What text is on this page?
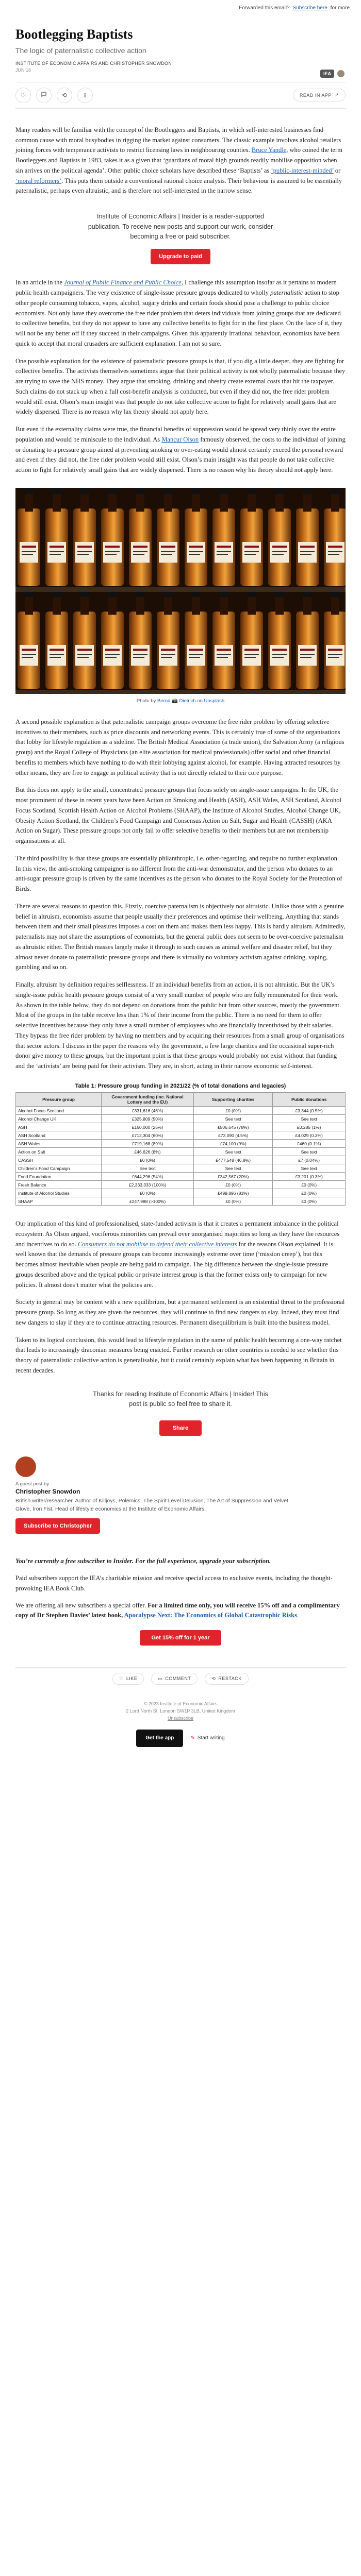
Forwarded this email? Subscribe here for more
Bootlegging Baptists
The logic of paternalistic collective action
INSTITUTE OF ECONOMIC AFFAIRS AND CHRISTOPHER SNOWDON
JUN 16
IEA
♡	⟲ ⇪	READ IN APP ↗

Many readers will be familiar with the concept of the Bootleggers and Baptists, in which self-interested businesses find common cause with moral busybodies in rigging the market against consumers. The classic example involves alcohol retailers joining forces with temperance activists to restrict licensing laws in neighbouring counties. Bruce Yandle, who coined the term Bootleggers and Baptists in 1983, takes it as a given that ‘guardians of moral high grounds readily mobilise opposition when sin arrives on the political agenda’. Other public choice scholars have described these ‘Baptists’ as ‘public-interest-minded’ or ‘moral reformers’. This puts them outside a conventional rational choice analysis. Their behaviour is assumed to be essentially paternalistic, perhaps even altruistic, and is therefore not self-interested in the narrow sense.

Institute of Economic Affairs | Insider is a reader-supported publication. To receive new posts and support our work, consider becoming a free or paid subscriber.
Upgrade to paid

In an article in the Journal of Public Finance and Public Choice, I challenge this assumption insofar as it pertains to modern public health campaigners. The very existence of single-issue pressure groups dedicated to wholly paternalistic action to stop other people consuming tobacco, vapes, alcohol, sugary drinks and certain foods should pose a challenge to public choice economists. Not only have they overcome the free rider problem that deters individuals from joining groups that are dedicated to collective benefits, but they do not appear to have any collective benefits to fight for in the first place. On the face of it, they will not be any better off if they succeed in their campaigns. Given this apparently irrational behaviour, economists have been quick to accept that moral crusaders are sufficient explanation. I am not so sure.

One possible explanation for the existence of paternalistic pressure groups is that, if you dig a little deeper, they are fighting for collective benefits. The activists themselves sometimes argue that their political activity is not wholly paternalistic because they are trying to save the NHS money. They argue that smoking, drinking and obesity create external costs that hit the taxpayer. Such claims do not stack up when a full cost-benefit analysis is conducted, but even if they did not, the free rider problem would still exist. Olson’s main insight was that people do not take collective action to fight for relatively small gains that are widely dispersed. There is no reason why lax theory should not apply here.

But even if the externality claims were true, the financial benefits of suppression would be spread very thinly over the entire population and would be miniscule to the individual. As Mancur Olson famously observed, the costs to the individual of joining or donating to a pressure group aimed at preventing smoking or over-eating would almost certainly exceed the personal reward and even if they did not, the free rider problem would still exist. Olson’s main insight was that people do not take collective action to fight for relatively small gains that are widely dispersed. There is no reason why his theory should not apply here.

Photo by Bernd 📸 Dietrich on Unsplash

A second possible explanation is that paternalistic campaign groups overcome the free rider problem by offering selective incentives to their members, such as price discounts and networking events. This is certainly true of some of the organisations that lobby for lifestyle regulation as a sideline. The British Medical Association (a trade union), the Salvation Army (a religious group) and the Royal College of Physicians (an elite association for medical professionals) offer social and other financial benefits to members which have nothing to do with their lobbying against alcohol, for example. Having attracted resources by other means, they are free to engage in political activity that is not directly related to their core purpose.

But this does not apply to the small, concentrated pressure groups that focus solely on single-issue campaigns. In the UK, the most prominent of these in recent years have been Action on Smoking and Health (ASH), ASH Wales, ASH Scotland, Alcohol Focus Scotland, Scottish Health Action on Alcohol Problems (SHAAP), the Institute of Alcohol Studies, Alcohol Change UK, Obesity Action Scotland, the Children’s Food Campaign and Consensus Action on Salt, Sugar and Health (CASSH) (AKA Action on Sugar). These pressure groups not only fail to offer selective benefits to their members but are not membership organisations at all.

The third possibility is that these groups are essentially philanthropic, i.e. other-regarding, and require no further explanation. In this view, the anti-smoking campaigner is no different from the anti-war demonstrator, and the person who donates to an anti-sugar pressure group is driven by the same incentives as the person who donates to the Royal Society for the Protection of Birds.

There are several reasons to question this. Firstly, coercive paternalism is objectively not altruistic. Unlike those with a genuine belief in altruism, economists assume that people usually their preferences and optimise their wellbeing. Anything that stands between them and their small pleasures imposes a cost on them and makes them less happy. This is hardly altruism. Admittedly, paternalists may not share the assumptions of economists, but the general public does not seem to be over-coercive paternalism as altruistic either. The British masses largely make it through to such causes as animal welfare and disaster relief, but they almost never donate to paternalistic pressure groups and there is virtually no voluntary activism against drinking, vaping, gambling and so on.

Finally, altruism by definition requires selflessness. If an individual benefits from an action, it is not altruistic. But the UK’s single-issue public health pressure groups consist of a very small number of people who are fully remunerated for their work. As shown in the table below, they do not depend on donations from the public but from other sources, mostly the government. Most of the groups in the table receive less than 1% of their income from the public. There is no need for them to offer selective incentives because they only have a small number of employees who are financially incentivised by their salaries. They bypass the free rider problem by having no members and by acquiring their resources from a small group of organisations that sector actors. I discuss in the paper the reasons why the government, a few large charities and the occasional super-rich donor give money to these groups, but the important point is that these groups would probably not exist without that funding and the ‘activists’ are being paid for their activism. They are, in short, acting in their narrow economic self-interest.

Table 1: Pressure group funding in 2021/22 (% of total donations and legacies)
Pressure group	Government funding (inc. National Lottery and the EU)	Supporting charities	Public donations
Alcohol Focus Scotland	£331,616 (46%)	£0 (0%)	£3,344 (0.5%)
Alcohol Change UK	£325,809 (50%)	See text	See text
ASH	£160,000 (25%)	£506,645 (78%)	£0,285 (1%)
ASH Scotland	£712,304 (60%)	£73,090 (4.5%)	£4,029 (0.3%)
ASH Wales	£719,168 (89%)	£74,100 (9%)	£460 (0.1%)
Action on Salt	£46,626 (8%)	See text	See text
CASSH	£0 (0%)	£477,548 (46.8%)	£7 (0.04%)
Children’s Food Campaign	See text	See text	See text
Food Foundation	£644,296 (54%)	£342,567 (20%)	£3,201 (0.3%)
Fresh Balance	£2,333,333 (100%)	£0 (0%)	£0 (0%)
Institute of Alcohol Studies	£0 (0%)	£499,896 (81%)	£0 (0%)
SHAAP	£247,988 (>100%)	£0 (0%)	£0 (0%)

Our implication of this kind of professionalised, state-funded activism is that it creates a permanent imbalance in the political ecosystem. As Olson argued, vociferous minorities can prevail over unorganised majorities so long as they have the resources and incentives to do so. Consumers do not mobilise to defend their collective interests for the reasons Olson explained. It is well known that the demands of pressure groups can become increasingly extreme over time (‘mission creep’), but this becomes almost inevitable when people are being paid to campaign. The big difference between the single-issue pressure groups described above and the typical public or private interest group is that the former exists only to campaign for new policies. It almost does’t matter what the policies are.

Society in general may be content with a new equilibrium, but a permanent settlement is an existential threat to the professional pressure group. So long as they are given the resources, they will continue to find new dangers to slay. Indeed, they must find new dangers to slay if they are to continue attracting resources. Permanent disequilibrium is built into the business model.

Taken to its logical conclusion, this would lead to lifestyle regulation in the name of public health becoming a one-way ratchet that leads to increasingly draconian measures being enacted. Further research on other countries is needed to see whether this theory of paternalistic collective action is generalisable, but it could certainly explain what has been happening in Britain in recent decades.

Thanks for reading Institute of Economic Affairs | Insider! This post is public so feel free to share it.
Share
A guest post by
Christopher Snowdon
British writer/researcher. Author of Killjoys, Polemics, The Spirit Level Delusion, The Art of Suppression and Velvet Glove, Iron Fist. Head of lifestyle economics at the Institute of Economic Affairs.
Subscribe to Christopher

You’re currently a free subscriber to Insider. For the full experience, upgrade your subscription.

Paid subscribers support the IEA’s charitable mission and receive special access to exclusive events, including the thought-provoking IEA Book Club.

We are offering all new subscribers a special offer. For a limited time only, you will receive 15% off and a complimentary copy of Dr Stephen Davies’ latest book, Apocalypse Next: The Economics of Global Catastrophic Risks.

Get 15% off for 1 year
♡ LIKE	▭ COMMENT	⟲ RESTACK
© 2023 Institute of Economic Affairs
2 Lord North St, London SW1P 3LB, United Kingdom
Unsubscribe
Get the app	✎ Start writing
